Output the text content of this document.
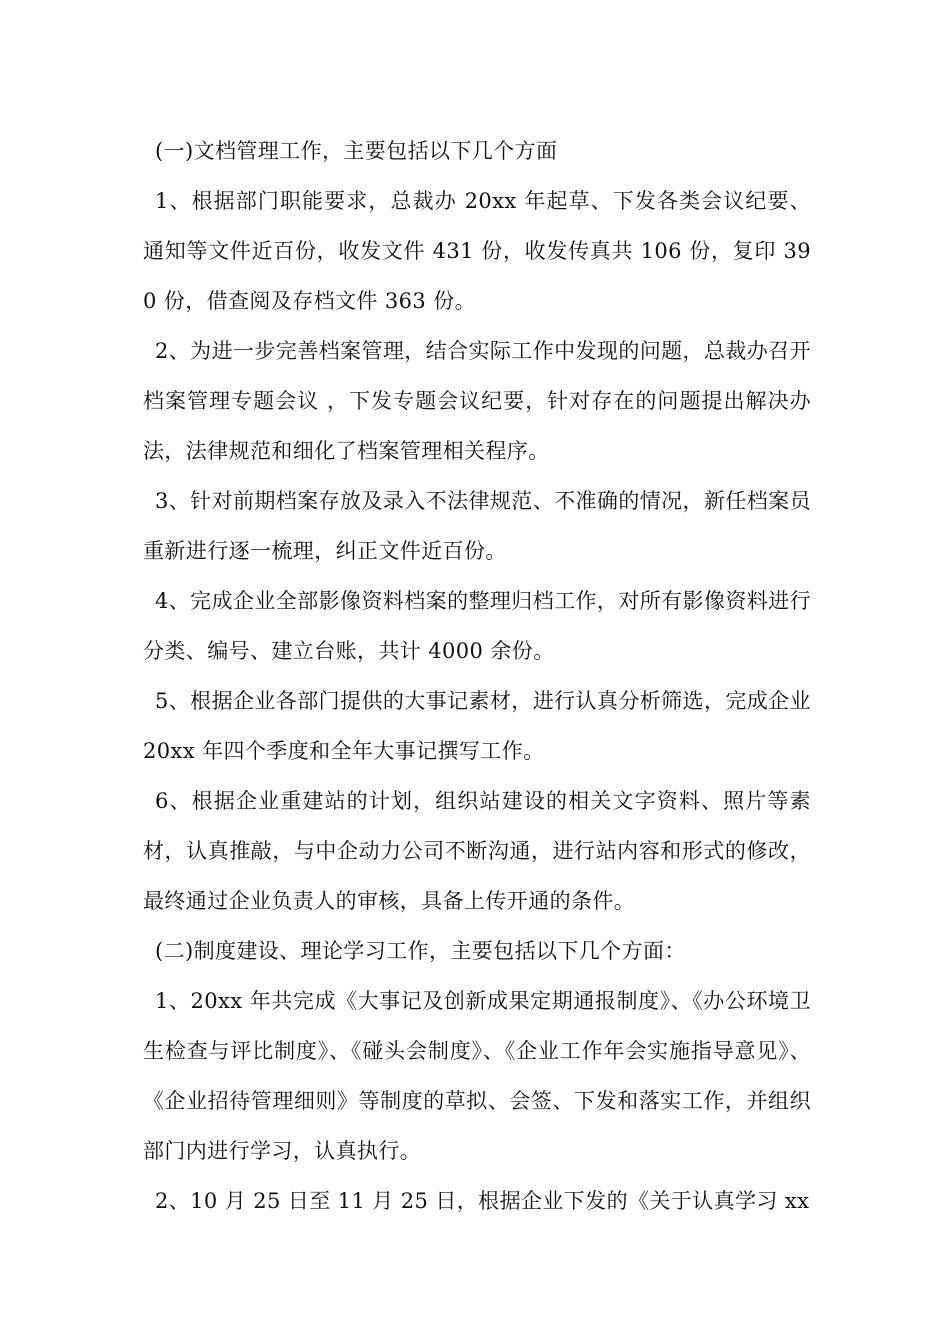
(一)文档管理工作，主要包括以下几个方面

1、根据部门职能要求，总裁办 20xx 年起草、下发各类会议纪要、通知等文件近百份，收发文件 431 份，收发传真共 106 份，复印 390 份，借查阅及存档文件 363 份。

2、为进一步完善档案管理，结合实际工作中发现的问题，总裁办召开 档案管理专题会议 ，下发专题会议纪要，针对存在的问题提出解决办法，法律规范和细化了档案管理相关程序。

3、针对前期档案存放及录入不法律规范、不准确的情况，新任档案员重新进行逐一梳理，纠正文件近百份。

4、完成企业全部影像资料档案的整理归档工作，对所有影像资料进行分类、编号、建立台账，共计 4000 余份。

5、根据企业各部门提供的大事记素材，进行认真分析筛选，完成企业 20xx 年四个季度和全年大事记撰写工作。

6、根据企业重建站的计划，组织站建设的相关文字资料、照片等素材，认真推敲，与中企动力公司不断沟通，进行站内容和形式的修改，最终通过企业负责人的审核，具备上传开通的条件。

(二)制度建设、理论学习工作，主要包括以下几个方面：

1、20xx 年共完成《大事记及创新成果定期通报制度》、《办公环境卫生检查与评比制度》、《碰头会制度》、《企业工作年会实施指导意见》、《企业招待管理细则》等制度的草拟、会签、下发和落实工作，并组织部门内进行学习，认真执行。

2、10 月 25 日至 11 月 25 日，根据企业下发的《关于认真学习 xx
